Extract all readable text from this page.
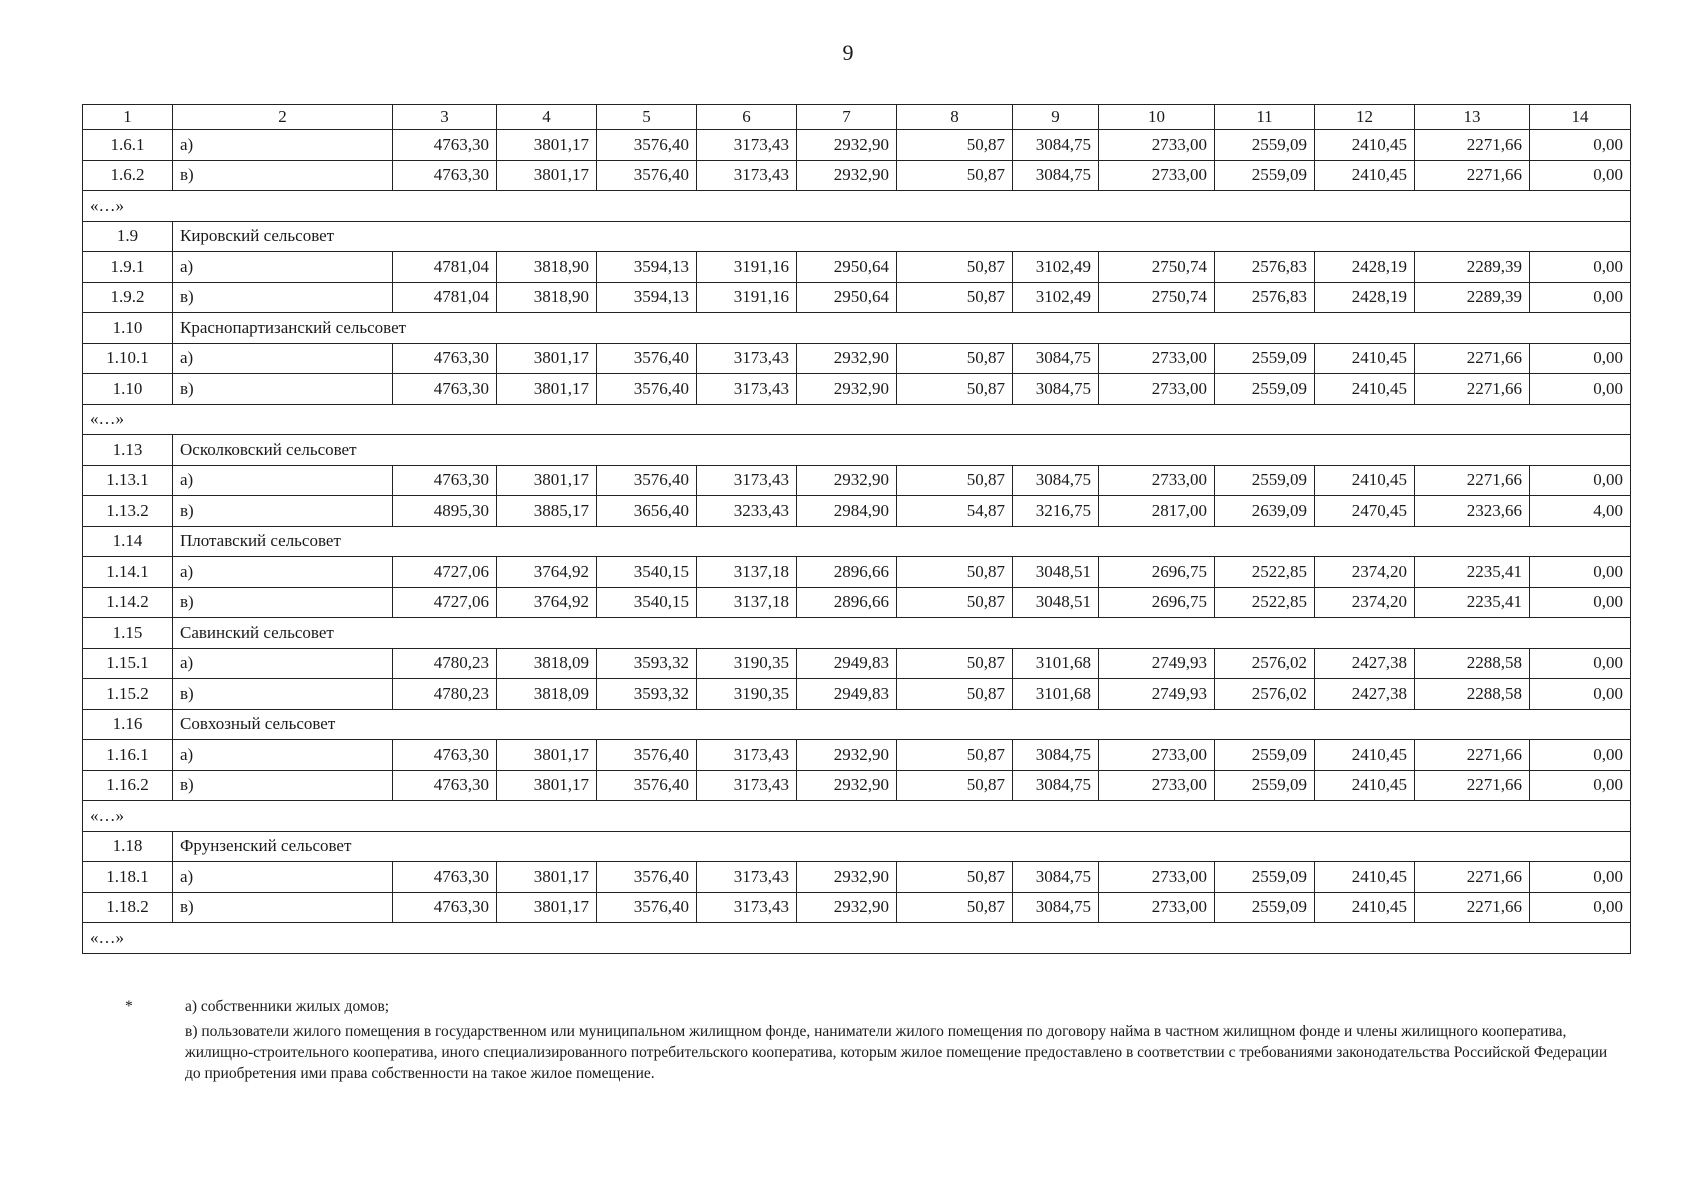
9
1	2	3	4	5	6	7	8	9	10	11	12	13	14
1.6.1	а)	4763,30	3801,17	3576,40	3173,43	2932,90	50,87	3084,75	2733,00	2559,09	2410,45	2271,66	0,00
1.6.2	в)	4763,30	3801,17	3576,40	3173,43	2932,90	50,87	3084,75	2733,00	2559,09	2410,45	2271,66	0,00
«…»													
1.9	Кировский сельсовет												
1.9.1	а)	4781,04	3818,90	3594,13	3191,16	2950,64	50,87	3102,49	2750,74	2576,83	2428,19	2289,39	0,00
1.9.2	в)	4781,04	3818,90	3594,13	3191,16	2950,64	50,87	3102,49	2750,74	2576,83	2428,19	2289,39	0,00
1.10	Краснопартизанский сельсовет												
1.10.1	а)	4763,30	3801,17	3576,40	3173,43	2932,90	50,87	3084,75	2733,00	2559,09	2410,45	2271,66	0,00
1.10	в)	4763,30	3801,17	3576,40	3173,43	2932,90	50,87	3084,75	2733,00	2559,09	2410,45	2271,66	0,00
«…»													
1.13	Осколковский сельсовет												
1.13.1	а)	4763,30	3801,17	3576,40	3173,43	2932,90	50,87	3084,75	2733,00	2559,09	2410,45	2271,66	0,00
1.13.2	в)	4895,30	3885,17	3656,40	3233,43	2984,90	54,87	3216,75	2817,00	2639,09	2470,45	2323,66	4,00
1.14	Плотавский сельсовет												
1.14.1	а)	4727,06	3764,92	3540,15	3137,18	2896,66	50,87	3048,51	2696,75	2522,85	2374,20	2235,41	0,00
1.14.2	в)	4727,06	3764,92	3540,15	3137,18	2896,66	50,87	3048,51	2696,75	2522,85	2374,20	2235,41	0,00
1.15	Савинский сельсовет												
1.15.1	а)	4780,23	3818,09	3593,32	3190,35	2949,83	50,87	3101,68	2749,93	2576,02	2427,38	2288,58	0,00
1.15.2	в)	4780,23	3818,09	3593,32	3190,35	2949,83	50,87	3101,68	2749,93	2576,02	2427,38	2288,58	0,00
1.16	Совхозный сельсовет												
1.16.1	а)	4763,30	3801,17	3576,40	3173,43	2932,90	50,87	3084,75	2733,00	2559,09	2410,45	2271,66	0,00
1.16.2	в)	4763,30	3801,17	3576,40	3173,43	2932,90	50,87	3084,75	2733,00	2559,09	2410,45	2271,66	0,00
«…»													
1.18	Фрунзенский сельсовет												
1.18.1	а)	4763,30	3801,17	3576,40	3173,43	2932,90	50,87	3084,75	2733,00	2559,09	2410,45	2271,66	0,00
1.18.2	в)	4763,30	3801,17	3576,40	3173,43	2932,90	50,87	3084,75	2733,00	2559,09	2410,45	2271,66	0,00
«…»													
*	а) собственники жилых домов;

в) пользователи жилого помещения в государственном или муниципальном жилищном фонде, наниматели жилого помещения по договору найма в частном жилищном фонде и члены жилищного кооператива, жилищно-строительного кооператива, иного специализированного потребительского кооператива, которым жилое помещение предоставлено в соответствии с требованиями законодательства Российской Федерации до приобретения ими права собственности на такое жилое помещение.
